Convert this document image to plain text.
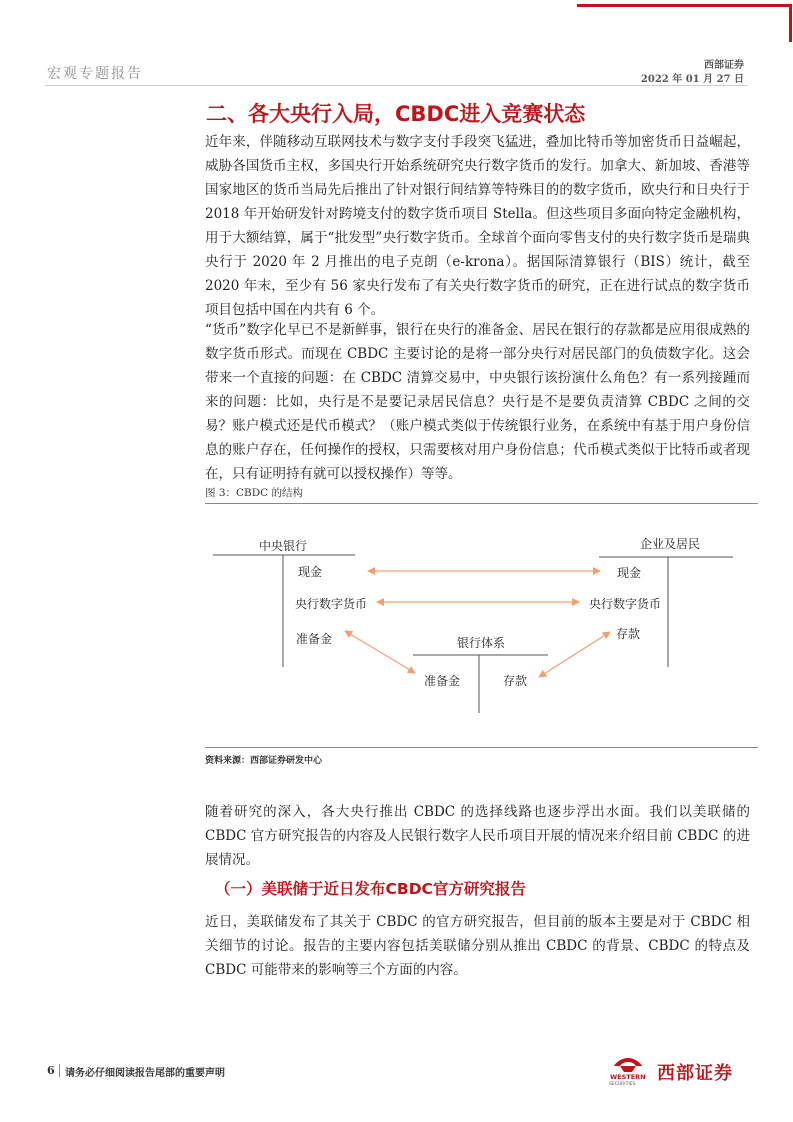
宏观专题报告
西部证券
2022 年 01 月 27 日
二、各大央行入局，CBDC进入竞赛状态

近年来，伴随移动互联网技术与数字支付手段突飞猛进，叠加比特币等加密货币日益崛起，威胁各国货币主权，多国央行开始系统研究央行数字货币的发行。加拿大、新加坡、香港等国家地区的货币当局先后推出了针对银行间结算等特殊目的的数字货币，欧央行和日央行于 2018 年开始研发针对跨境支付的数字货币项目 Stella。但这些项目多面向特定金融机构，用于大额结算，属于“批发型”央行数字货币。全球首个面向零售支付的央行数字货币是瑞典央行于 2020 年 2 月推出的电子克朗（e-krona）。据国际清算银行（BIS）统计，截至 2020 年末，至少有 56 家央行发布了有关央行数字货币的研究，正在进行试点的数字货币项目包括中国在内共有 6 个。

“货币”数字化早已不是新鲜事，银行在央行的准备金、居民在银行的存款都是应用很成熟的数字货币形式。而现在 CBDC 主要讨论的是将一部分央行对居民部门的负债数字化。这会带来一个直接的问题：在 CBDC 清算交易中，中央银行该扮演什么角色？有一系列接踵而来的问题：比如，央行是不是要记录居民信息？央行是不是要负责清算 CBDC 之间的交易？账户模式还是代币模式？（账户模式类似于传统银行业务，在系统中有基于用户身份信息的账户存在，任何操作的授权，只需要核对用户身份信息；代币模式类似于比特币或者现在，只有证明持有就可以授权操作）等等。

图 3：CBDC 的结构
中央银行	企业及居民
银行体系
现金	现金
央行数字货币	央行数字货币
准备金	存款
准备金	存款
资料来源：西部证券研发中心

随着研究的深入，各大央行推出 CBDC 的选择线路也逐步浮出水面。我们以美联储的 CBDC 官方研究报告的内容及人民银行数字人民币项目开展的情况来介绍目前 CBDC 的进展情况。

（一）美联储于近日发布CBDC官方研究报告

近日，美联储发布了其关于 CBDC 的官方研究报告，但目前的版本主要是对于 CBDC 相关细节的讨论。报告的主要内容包括美联储分别从推出 CBDC 的背景、CBDC 的特点及 CBDC 可能带来的影响等三个方面的内容。

6 请务必仔细阅读报告尾部的重要声明	WESTERN
SECURITIES
西部证券
